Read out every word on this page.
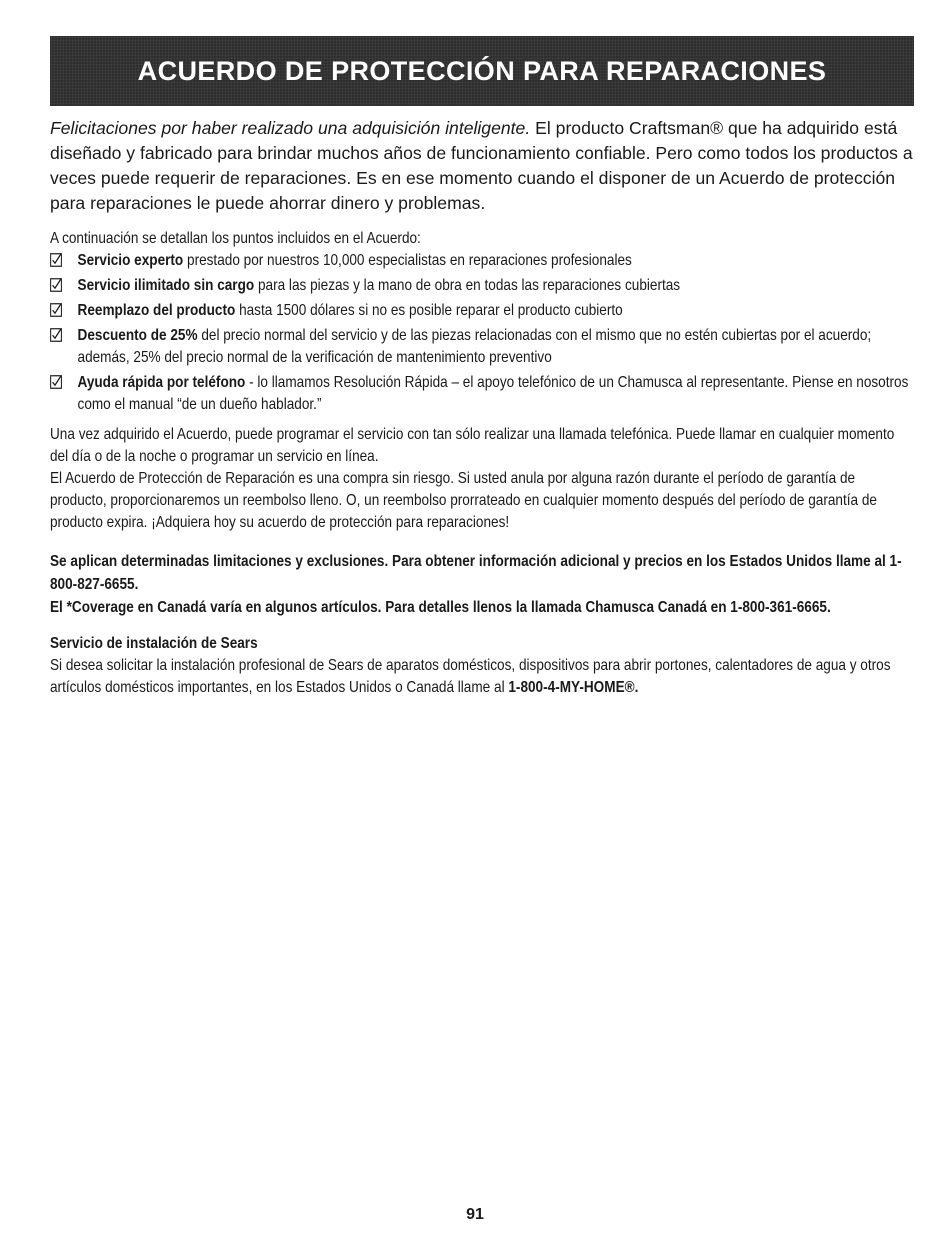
ACUERDO DE PROTECCIÓN PARA REPARACIONES

Felicitaciones por haber realizado una adquisición inteligente. El producto Craftsman® que ha adquirido está diseñado y fabricado para brindar muchos años de funcionamiento confiable. Pero como todos los productos a veces puede requerir de reparaciones. Es en ese momento cuando el disponer de un Acuerdo de protección para reparaciones le puede ahorrar dinero y problemas.

A continuación se detallan los puntos incluidos en el Acuerdo:
Servicio experto prestado por nuestros 10,000 especialistas en reparaciones profesionales
Servicio ilimitado sin cargo para las piezas y la mano de obra en todas las reparaciones cubiertas
Reemplazo del producto hasta 1500 dólares si no es posible reparar el producto cubierto
Descuento de 25% del precio normal del servicio y de las piezas relacionadas con el mismo que no estén cubiertas por el acuerdo; además, 25% del precio normal de la verificación de mantenimiento preventivo
Ayuda rápida por teléfono - lo llamamos Resolución Rápida – el apoyo telefónico de un Chamusca al representante. Piense en nosotros como el manual “de un dueño hablador.”
Una vez adquirido el Acuerdo, puede programar el servicio con tan sólo realizar una llamada telefónica. Puede llamar en cualquier momento del día o de la noche o programar un servicio en línea.
El Acuerdo de Protección de Reparación es una compra sin riesgo. Si usted anula por alguna razón durante el período de garantía de producto, proporcionaremos un reembolso lleno. O, un reembolso prorrateado en cualquier momento después del período de garantía de producto expira. ¡Adquiera hoy su acuerdo de protección para reparaciones!
Se aplican determinadas limitaciones y exclusiones. Para obtener información adicional y precios en los Estados Unidos llame al 1-800-827-6655.
El *Coverage en Canadá varía en algunos artículos. Para detalles llenos la llamada Chamusca Canadá en 1-800-361-6665.
Servicio de instalación de Sears
Si desea solicitar la instalación profesional de Sears de aparatos domésticos, dispositivos para abrir portones, calentadores de agua y otros artículos domésticos importantes, en los Estados Unidos o Canadá llame al 1-800-4-MY-HOME®.
91
